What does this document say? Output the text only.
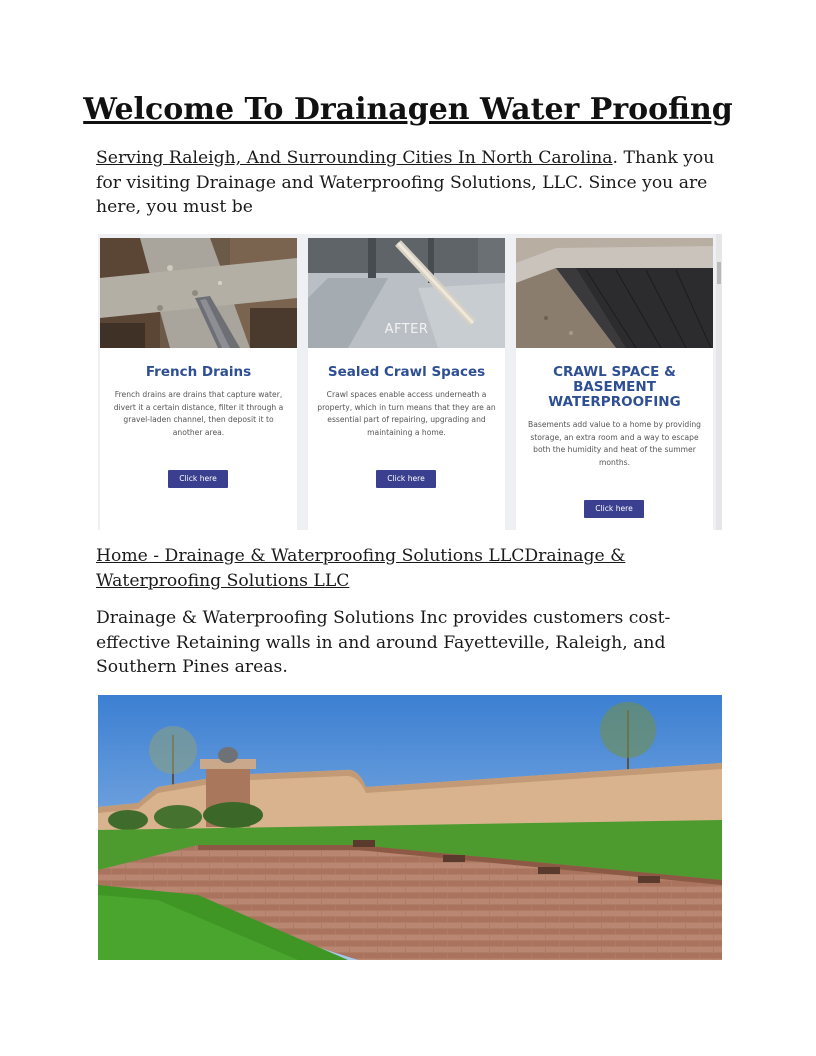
Welcome To Drainagen Water Proofing

Serving Raleigh, And Surrounding Cities In North Carolina. Thank you for visiting Drainage and Waterproofing Solutions, LLC. Since you are here, you must be

French Drains

French drains are drains that capture water, divert it a certain distance, filter it through a gravel-laden channel, then deposit it to another area.

Click here
AFTER
Sealed Crawl Spaces

Crawl spaces enable access underneath a property, which in turn means that they are an essential part of repairing, upgrading and maintaining a home.

Click here
CRAWL SPACE & BASEMENT WATERPROOFING

Basements add value to a home by providing storage, an extra room and a way to escape both the humidity and heat of the summer months.

Click here

Home - Drainage & Waterproofing Solutions LLCDrainage & Waterproofing Solutions LLC

Drainage & Waterproofing Solutions Inc provides customers cost-effective Retaining walls in and around Fayetteville, Raleigh, and Southern Pines areas.
